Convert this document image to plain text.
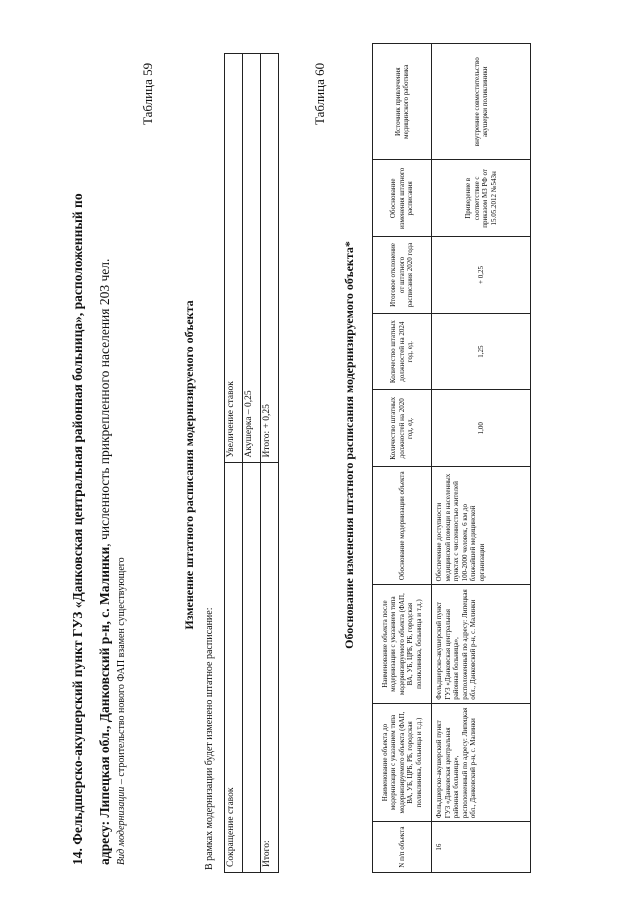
14. Фельдшерско-акушерский пункт ГУЗ «Данковская центральная районная больница», расположенный по адресу: Липецкая обл., Данковский р-н, с. Малинки, численность прикрепленного населения 203 чел.
Вид модернизации – строительство нового ФАП взамен существующего
Таблица 59
Изменение штатного расписания модернизируемого объекта
В рамках модернизации будет изменено штатное расписание: Сокращение ставок	Увеличение ставок
	Акушерка – 0,25
Итого:	Итого: + 0,25
Таблица 60
Обоснование изменения штатного расписания модернизируемого объекта*
N п/п объекта	Наименование объекта до модернизации с указанием типа модернизируемого объекта (ФАП, ВА, УБ, ЦРБ, РБ, городская поликлиника, больница и т.д.)	Наименование объекта после модернизации с указанием типа модернизируемого объекта (ФАП, ВА, УБ, ЦРБ, РБ, городская поликлиника, больница и т.д.)	Обоснование модернизации объекта	Количество штатных должностей на 2020 год, ед.	Количество штатных должностей на 2024 год, ед.	Итоговое отклонение от штатного расписания 2020 года	Обоснование изменения штатного расписания	Источник привлечения медицинского работника
16	Фельдшерско-акушерский пункт ГУЗ «Данковская центральная районная больница», расположенный по адресу: Липецкая обл., Данковский р-н, с. Малинки	Фельдшерско-акушерский пункт ГУЗ «Данковская центральная районная больница», расположенный по адресу: Липецкая обл., Данковский р-н, с. Малинки	Обеспечение доступности медицинской помощи в населенных пунктах с численностью жителей 100-2000 человек, 6 км до ближайшей медицинской организации	1,00	1,25	+ 0,25	Приведение в соответствие с приказом МЗ РФ от 15.05.2012 №543н	внутреннее совместительство акушерки поликлиники
